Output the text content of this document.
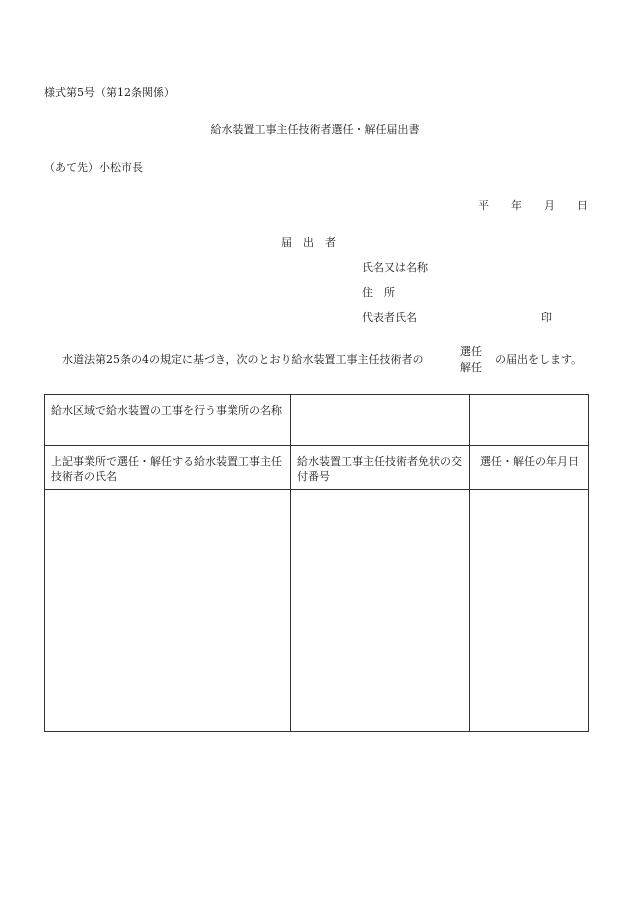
様式第5号（第12条関係）
給水装置工事主任技術者選任・解任届出書
（あて先）小松市長
平 年 月 日
届　出　者
氏名又は名称
住　所
代表者氏名	印
水道法第25条の4の規定に基づき，次のとおり給水装置工事主任技術者の
選任
解任
の届出をします。
給水区域で給水装置の工事を行う事業所の名称		
上記事業所で選任・解任する給水装置工事主任技術者の氏名	給水装置工事主任技術者免状の交付番号	選任・解任の年月日
